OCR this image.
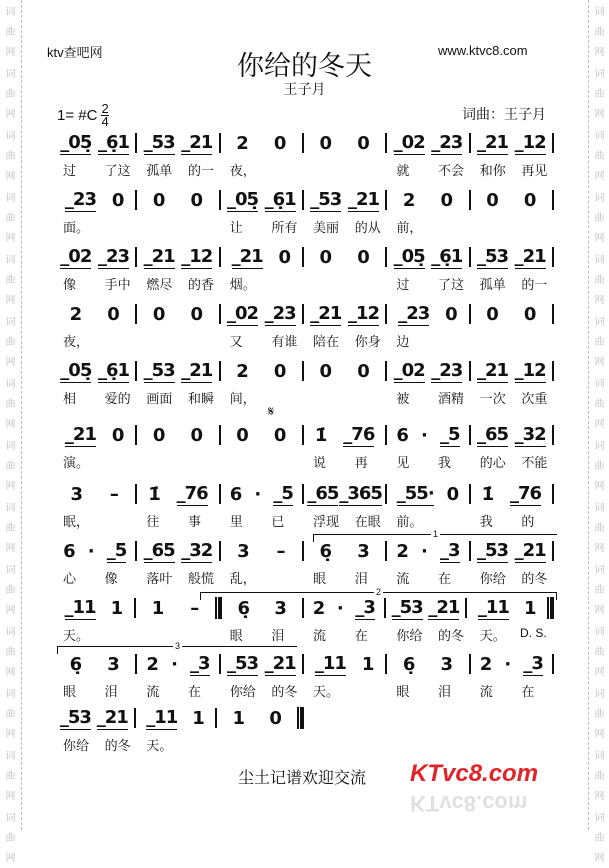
词
曲
网
词
曲
网
词
曲
网
词
曲
网
词
曲
网
词
曲
网
词
曲
网
词
曲
网
词
曲
网
词
曲
网
词
曲
网
词
曲
网
词
曲
网
词
曲
网
词
曲
网
词
曲
网
词
曲
网
词
曲
网
词
曲
网
词
曲
网
词
曲
网
词
曲
网
词
曲
网
词
曲
网
词
曲
网
词
曲
网
词
曲
网
词
曲
网
ktv查吧网	www.ktvc8.com
你给的冬天
王子月
1= #C $\frac{2}{4}$	词曲：王子月
_05̣ _6̣1 _53 _21 2 0 0 0 _02 _23 _21 _12
过	了这	孤单	的一	夜，	就	不会	和你	再见
_23 0 0 0 _05̣ _6̣1 _53 _21 2 0 0 0
面。	让	所有	美丽	的从	前，
_02 _23 _21 _12 _21 0 0 0 _05̣ _6̣1 _53 _21
像	手中	燃尽	的香	烟。	过	了这	孤单	的一
2 0 0 0 _02 _23 _21 _12 _23 0 0 0
夜，	又	有谁	陪在	你身	边
_05̣ _6̣1 _53 _21 2 0 0 0 _02 _23 _21 _12
相	爱的	画面	和瞬	间，	被	酒精	一次	次重
_21 0 0 0 0 0 1̇ _76 6 · _5 _65 _32
演。	说	再	见	我	的心	不能
3 – 1̇ _76 6 · _5 _65 _365 _55· 0 1̇ _76
眠，	往	事	里	已	浮现	在眼	前。	我	的
6 · _5 _65 _32 3 – 6̣ 3 2 · _3 _53 _21
心	像	落叶	般慌	乱，	眼	泪	流	在	你给	的冬
_11 1 1 – 6̣ 3 2 · _3 _53 _21 _11 1
天。	眼	泪	流	在	你给	的冬	天。
6̣ 3 2 · _3 _53 _21 _11 1 6̣ 3 2 · _3
眼	泪	流	在	你给	的冬	天。	眼	泪	流	在
_53 _21 _11 1 1 0
你给	的冬	天。
𝄋
D. S.
1
2
3
尘土记谱欢迎交流 KTvc8.com
KTvc8.com
